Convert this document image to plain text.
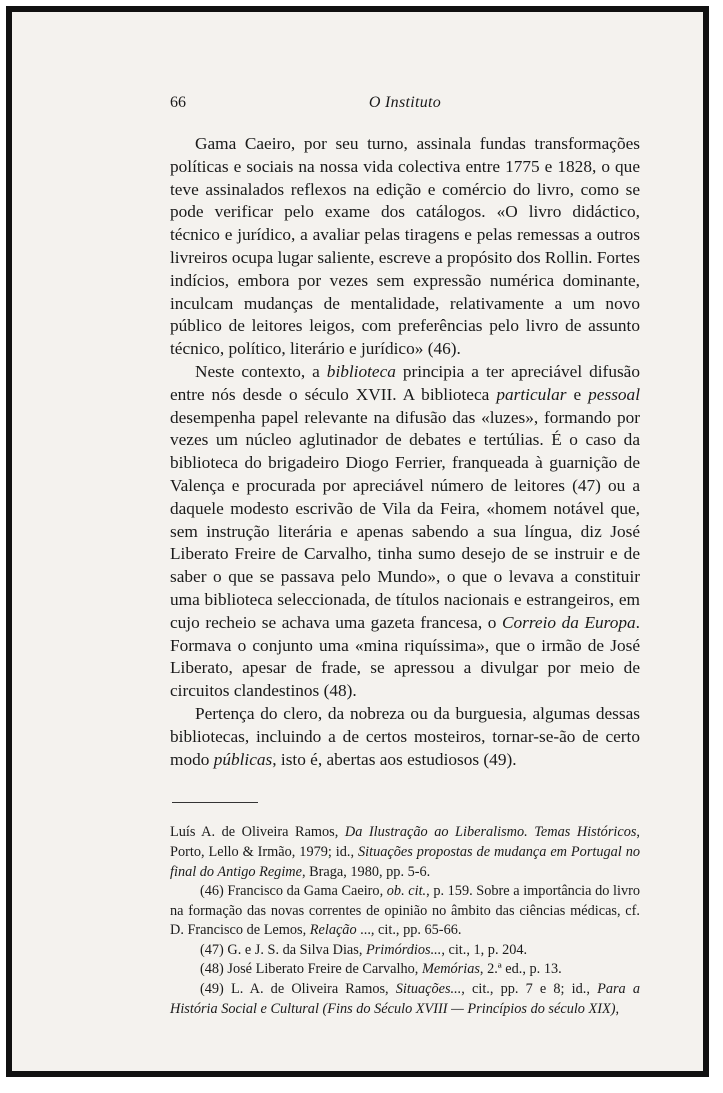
66	O Instituto

Gama Caeiro, por seu turno, assinala fundas transformações políticas e sociais na nossa vida colectiva entre 1775 e 1828, o que teve assinalados reflexos na edição e comércio do livro, como se pode verificar pelo exame dos catálogos. «O livro didáctico, técnico e jurídico, a avaliar pelas tiragens e pelas remessas a outros livreiros ocupa lugar saliente, escreve a propósito dos Rollin. Fortes indícios, embora por vezes sem expressão numérica dominante, inculcam mudanças de mentalidade, relativamente a um novo público de leitores leigos, com preferências pelo livro de assunto técnico, político, literário e jurídico» (46).

Neste contexto, a biblioteca principia a ter apreciável difusão entre nós desde o século XVII. A biblioteca particular e pessoal desempenha papel relevante na difusão das «luzes», formando por vezes um núcleo aglutinador de debates e tertúlias. É o caso da biblioteca do brigadeiro Diogo Ferrier, franqueada à guarnição de Valença e procurada por apreciável número de leitores (47) ou a daquele modesto escrivão de Vila da Feira, «homem notável que, sem instrução literária e apenas sabendo a sua língua, diz José Liberato Freire de Carvalho, tinha sumo desejo de se instruir e de saber o que se passava pelo Mundo», o que o levava a constituir uma biblioteca seleccionada, de títulos nacionais e estrangeiros, em cujo recheio se achava uma gazeta francesa, o Correio da Europa. Formava o conjunto uma «mina riquíssima», que o irmão de José Liberato, apesar de frade, se apressou a divulgar por meio de circuitos clandestinos (48).

Pertença do clero, da nobreza ou da burguesia, algumas dessas bibliotecas, incluindo a de certos mosteiros, tornar-se-ão de certo modo públicas, isto é, abertas aos estudiosos (49).

Luís A. de Oliveira Ramos, Da Ilustração ao Liberalismo. Temas Históricos, Porto, Lello & Irmão, 1979; id., Situações propostas de mudança em Portugal no final do Antigo Regime, Braga, 1980, pp. 5-6.

(46) Francisco da Gama Caeiro, ob. cit., p. 159. Sobre a importância do livro na formação das novas correntes de opinião no âmbito das ciências médicas, cf. D. Francisco de Lemos, Relação ..., cit., pp. 65-66.

(47) G. e J. S. da Silva Dias, Primórdios..., cit., 1, p. 204.

(48) José Liberato Freire de Carvalho, Memórias, 2.ª ed., p. 13.

(49) L. A. de Oliveira Ramos, Situações..., cit., pp. 7 e 8; id., Para a História Social e Cultural (Fins do Século XVIII — Princípios do século XIX),
